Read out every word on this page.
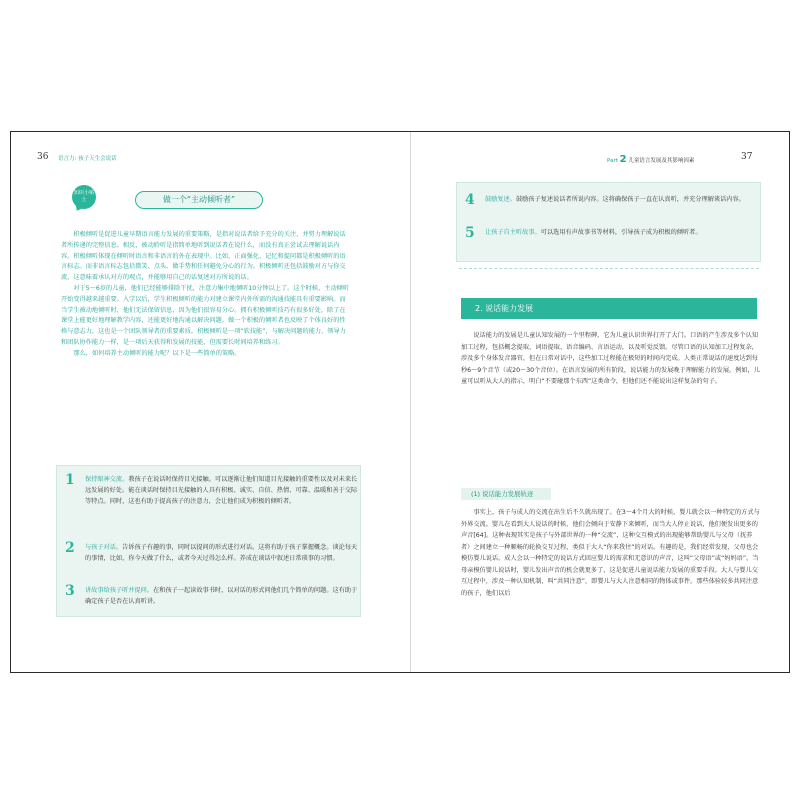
36 语言力: 孩子天生会说话
知识小贴士	做一个“主动倾听者”

积极倾听是促进儿童早期语言能力发展的重要策略，是指对说话者给予充分的关注，并努力理解说话者所传递的完整信息。相反，被动聆听是指简单地听到说话者在说什么，而没有真正尝试去理解说话内容。积极倾听体现在倾听时语言和非语言的外在表现中。比如，正面强化、记忆和提问都是积极倾听的语言标志。而非语言标志包括微笑、点头、做手势和任何避免分心的行为。积极倾听还包括鼓励对方与你交流，这意味着承认对方的观点，并能够用自己的话复述对方所说的话。

对于5～6岁的儿童，他们已经能够排除干扰，注意力集中地倾听10分钟以上了。这个时候，主动倾听开始变得越来越重要。入学以后，学生积极倾听的能力对建立课堂内外所需的沟通技能具有重要影响。而当学生被动地倾听时，他们无法保留信息，因为他们很容易分心。拥有积极倾听技巧有很多好处，除了在课堂上能更好地理解教学内容，还能更好地沟通以解决问题。做一个积极的倾听者也反映了个体良好的性格与意志力，这也是一个团队领导者的重要素质。积极倾听是一项“软技能”，与解决问题的能力、领导力和团队协作能力一样，是一项后天获得和发展的技能，但需要长时间培养和练习。

那么，如何培养主动倾听的能力呢？以下是一些简单的策略。

1 保持眼神交流。教孩子在说话时保持目光接触。可以逐渐让他们知道目光接触的重要性以及对未来长远发展的好处。能在谈话时保持目光接触的人具有积极、诚实、自信、热情、可靠、温暖和善于交际等特点。同时，这也有助于提高孩子的注意力，会让他们成为积极的倾听者。

2 与孩子对话。告诉孩子有趣的事，同时以提问的形式进行对话。这将有助于孩子掌握概念。谈论每天的事情，比如，你今天做了什么，或者今天过得怎么样。养成在谈话中叙述日常琐事的习惯。

3 讲故事给孩子听并提问。在和孩子一起读故事书时，以对话的形式问他们几个简单的问题。这有助于确定孩子是否在认真听讲。

Part 2 儿童语言发展及其影响因素	37
4 鼓励复述。鼓励孩子复述说话者所说内容。这将确保孩子一直在认真听，并充分理解谈话内容。

5 让孩子自主听故事。可以选用有声故事书等材料，引导孩子成为积极的倾听者。

2. 说话能力发展

说话能力的发展是儿童认知发展的一个里程碑，它为儿童认识世界打开了大门。口语的产生涉及多个认知加工过程，包括概念提取、词语提取、语音编码、言语运动，以及听觉反馈。尽管口语的认知加工过程复杂，涉及多个身体发音器官，但在日常对话中，这些加工过程能在极短的时间内完成。人类正常说话的速度达到每秒6～9个音节（或20～30个音位）。在语言发展的所有阶段，说话能力的发展晚于理解能力的发展。例如，儿童可以听从大人的指示，明白“不要碰那个东西”这类命令，但他们还不能说出这样复杂的句子。

(1) 说话能力发展轨迹

事实上，孩子与成人的交流在出生后不久就出现了。在3～4个月大的时候，婴儿就会以一种特定的方式与外界交流。婴儿在看到大人说话的时候，他们会倾向于安静下来倾听，而当大人停止说话，他们便发出更多的声音[64]。这种表现其实是孩子与外部世界的一种“交流”，这种交互模式的出现能够帮助婴儿与父母（抚养者）之间建立一种顺畅的轮换交互过程，类似于大人“你来我往”的对话。有趣的是，我们经常发现，父母也会模仿婴儿说话。成人会以一种特定的说话方式回应婴儿的需求和无意识的声音，这叫“父母语”或“妈妈语”。当母亲模仿婴儿说话时，婴儿发出声音的机会就更多了，这是促进儿童说话能力发展的重要手段。大人与婴儿交互过程中，涉及一种认知机制，叫“共同注意”，即婴儿与大人注意相同的物体或事件。那些体验较多共同注意的孩子，他们以后
